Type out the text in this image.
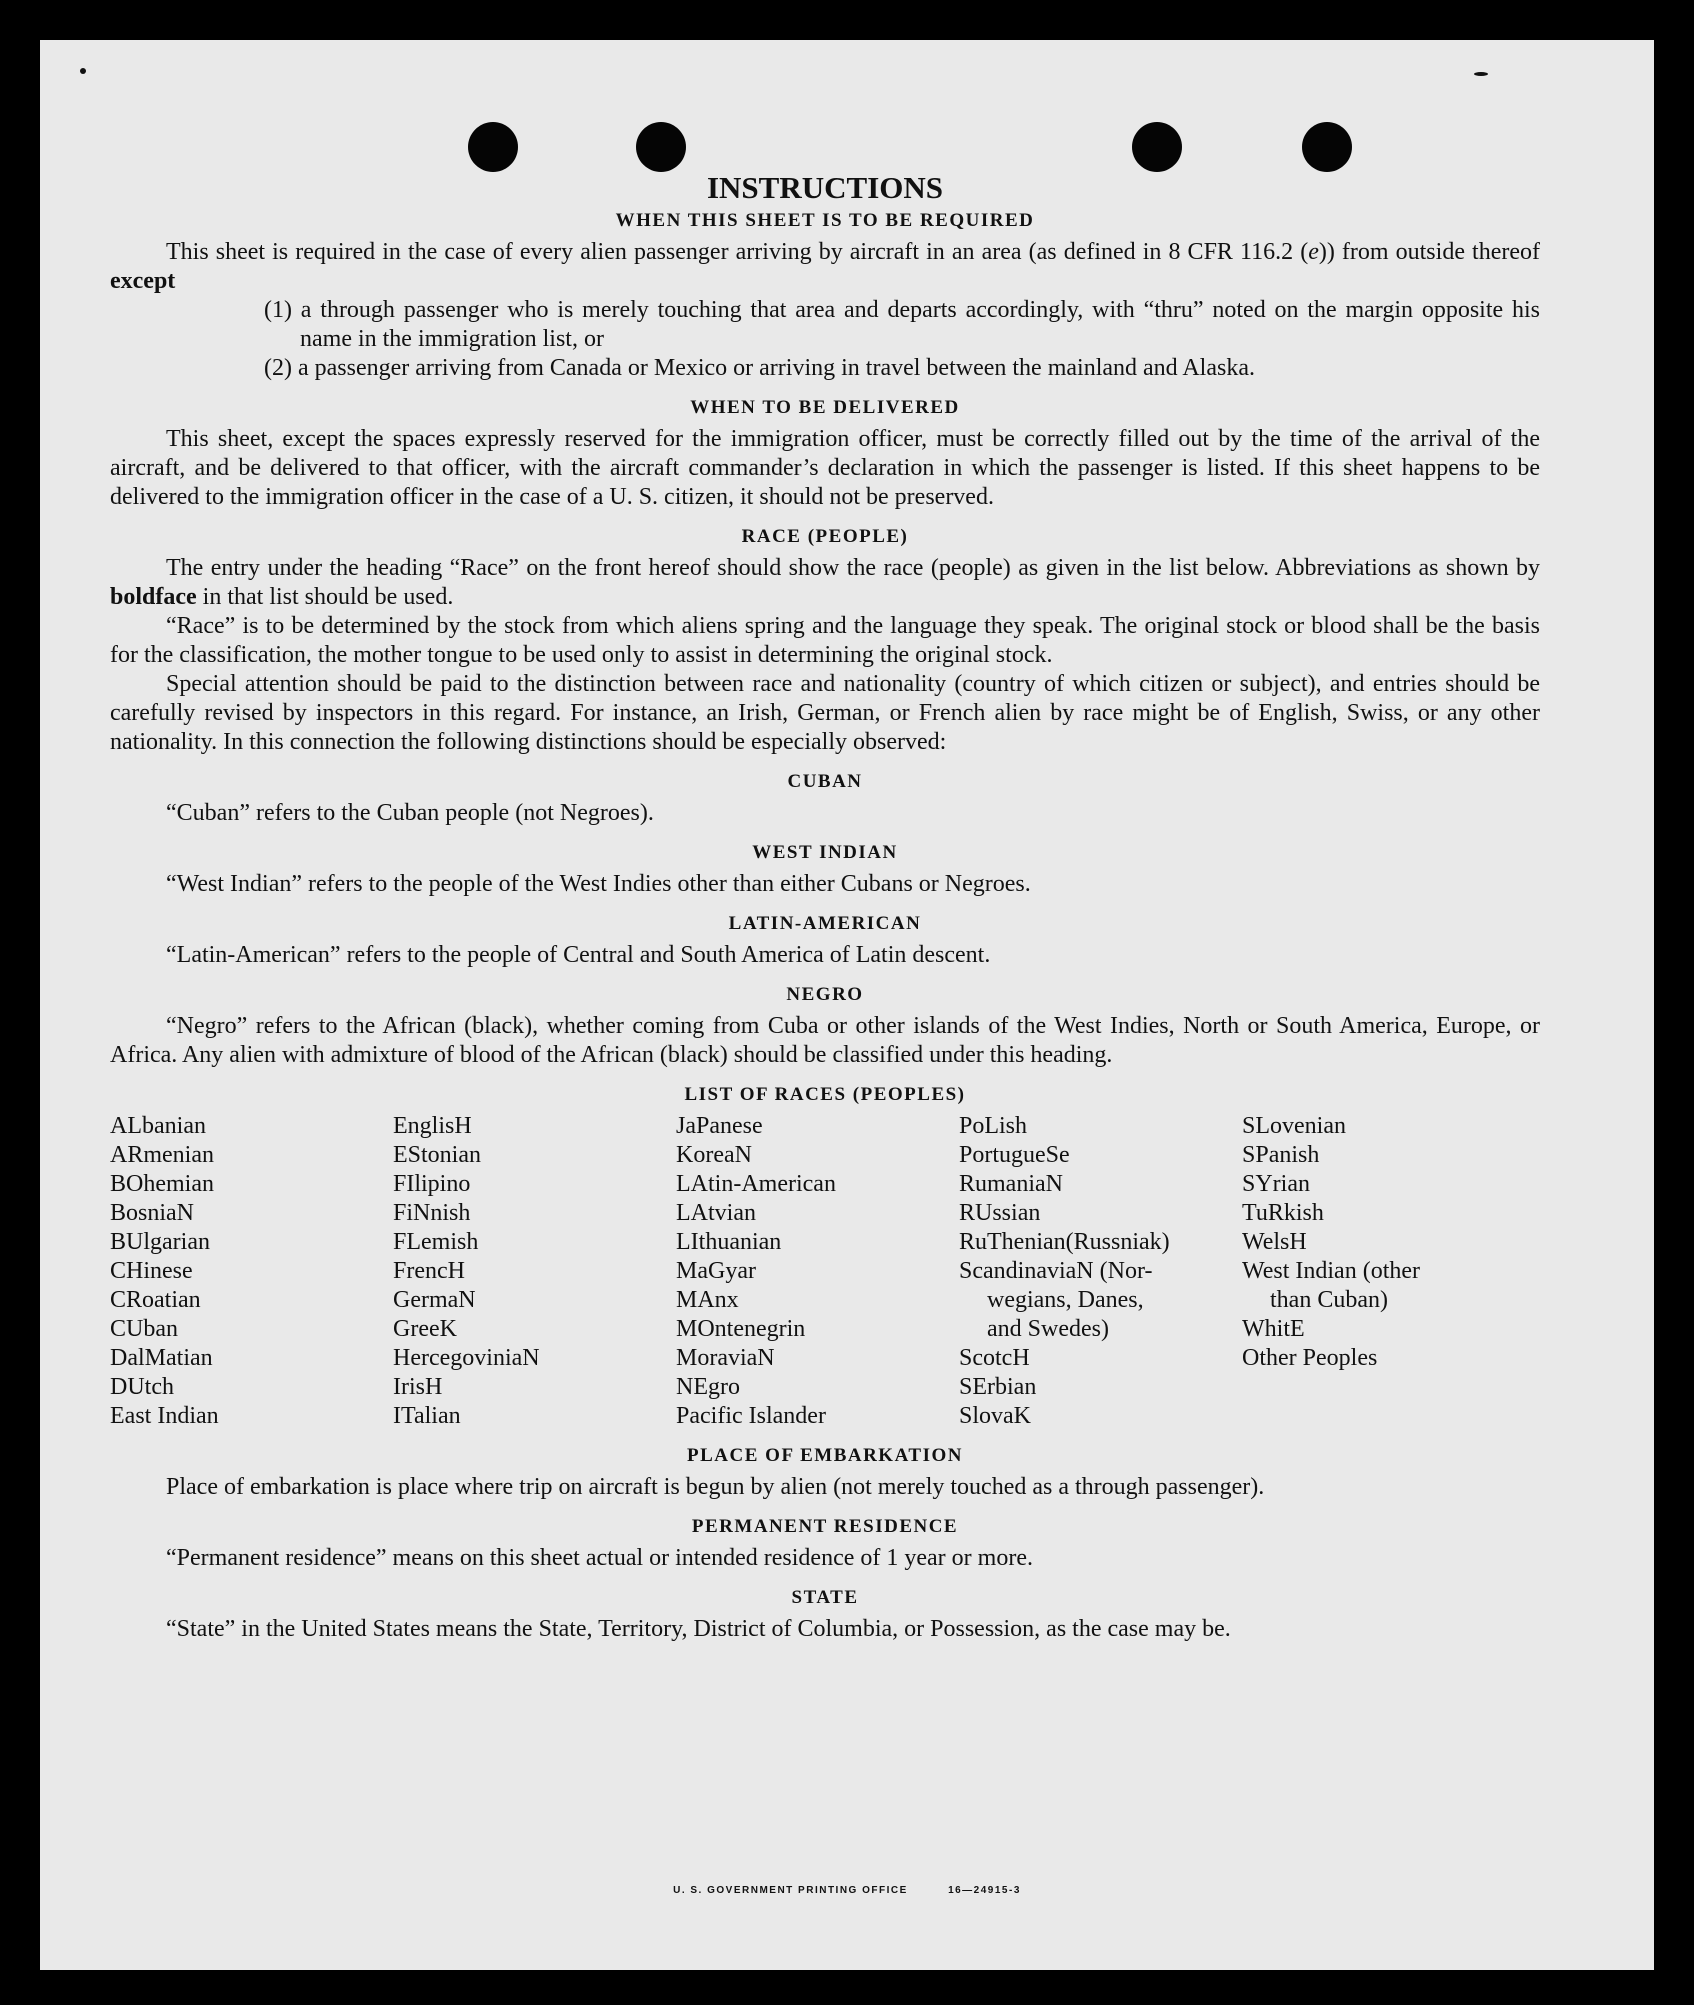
INSTRUCTIONS
WHEN THIS SHEET IS TO BE REQUIRED

This sheet is required in the case of every alien passenger arriving by aircraft in an area (as defined in 8 CFR 116.2 (e)) from outside thereof except

(1) a through passenger who is merely touching that area and departs accordingly, with “thru” noted on the margin opposite his name in the immigration list, or

(2) a passenger arriving from Canada or Mexico or arriving in travel between the mainland and Alaska.

WHEN TO BE DELIVERED

This sheet, except the spaces expressly reserved for the immigration officer, must be correctly filled out by the time of the arrival of the aircraft, and be delivered to that officer, with the aircraft commander’s declaration in which the passenger is listed. If this sheet happens to be delivered to the immigration officer in the case of a U. S. citizen, it should not be preserved.

RACE (PEOPLE)

The entry under the heading “Race” on the front hereof should show the race (people) as given in the list below. Abbreviations as shown by boldface in that list should be used.

“Race” is to be determined by the stock from which aliens spring and the language they speak. The original stock or blood shall be the basis for the classification, the mother tongue to be used only to assist in determining the original stock.

Special attention should be paid to the distinction between race and nationality (country of which citizen or subject), and entries should be carefully revised by inspectors in this regard. For instance, an Irish, German, or French alien by race might be of English, Swiss, or any other nationality. In this connection the following distinctions should be especially observed:

CUBAN

“Cuban” refers to the Cuban people (not Negroes).

WEST INDIAN

“West Indian” refers to the people of the West Indies other than either Cubans or Negroes.

LATIN-AMERICAN

“Latin-American” refers to the people of Central and South America of Latin descent.

NEGRO

“Negro” refers to the African (black), whether coming from Cuba or other islands of the West Indies, North or South America, Europe, or Africa. Any alien with admixture of blood of the African (black) should be classified under this heading.

LIST OF RACES (PEOPLES)
ALbanian
ARmenian
BOhemian
BosniaN
BUlgarian
CHinese
CRoatian
CUban
DalMatian
DUtch
East Indian
EnglisH
EStonian
FIlipino
FiNnish
FLemish
FrencH
GermaN
GreeK
HercegoviniaN
IrisH
ITalian
JaPanese
KoreaN
LAtin-American
LAtvian
LIthuanian
MaGyar
MAnx
MOntenegrin
MoraviaN
NEgro
Pacific Islander
PoLish
PortugueSe
RumaniaN
RUssian
RuThenian(Russniak)
ScandinaviaN (Nor-
wegians, Danes,
and Swedes)
ScotcH
SErbian
SlovaK
SLovenian
SPanish
SYrian
TuRkish
WelsH
West Indian (other
than Cuban)
WhitE
Other Peoples
PLACE OF EMBARKATION

Place of embarkation is place where trip on aircraft is begun by alien (not merely touched as a through passenger).

PERMANENT RESIDENCE

“Permanent residence” means on this sheet actual or intended residence of 1 year or more.

STATE

“State” in the United States means the State, Territory, District of Columbia, or Possession, as the case may be.

U. S. GOVERNMENT PRINTING OFFICE	16—24915-3
